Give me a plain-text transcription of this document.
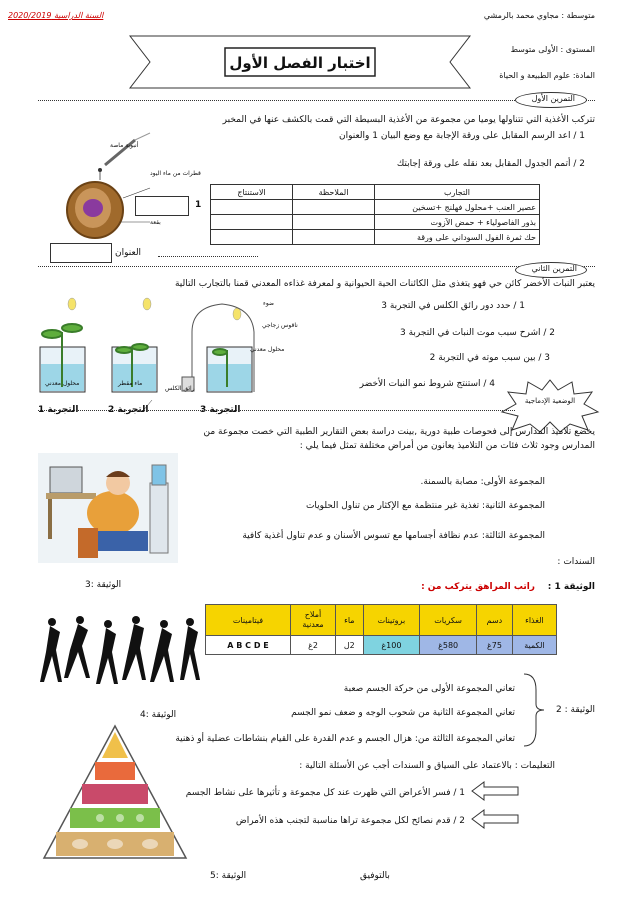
متوسطة : مجاوي محمد بالرمشي
السنة الدراسية 2020/2019
المستوى : الأولى متوسط
المادة: علوم الطبيعة و الحياة
اختبار الفصل الأول
التمرين الأول
تتركب الأغذية التي تتناولها يوميا من مجموعة من الأغذية البسيطة التي قمت بالكشف عنها في المخبر
1 / اعد الرسم المقابل على ورقة الإجابة مع وضع البيان 1 والعنوان
2 / أتمم الجدول المقابل بعد نقله على ورقة إجابتك
أنبوبة ماصة
قطرات من ماء اليود
بقعة
1
العنوان
الاستنتاج	الملاحظة	التجارب
		عصير العنب +محلول فهلنج +تسخين
		بذور الفاصولياء + حمض الآزوت
		حك ثمرة الفول السوداني على ورقة
التمرين الثاني
يعتبر النبات الأخضر كائن حي فهو يتغذى مثل الكائنات الحية الحيوانية و لمعرفة غذاءه المعدني قمنا بالتجارب التالية
ضوء
ناقوس زجاجي
محلول معدني
رائق الكلس
ماء مقطر
محلول معدني
التجربة 1	التجربة 2	التجربة 3
1 / حدد دور رائق الكلس في التجربة 3
2 / اشرح سبب موت النبات في التجربة 3
3 / بين سبب موته في التجربة 2
4 / استنتج شروط نمو النبات الأخضر
الوضعية الإدماجية
يخضع تلاميذ المدارس إلى فحوصات طبية دورية ,بينت دراسة بعض التقارير الطبية التي خصت مجموعة من
المدارس وجود ثلاث فئات من التلاميذ يعانون من أمراض مختلفة تمثل فيما يلي :
المجموعة الأولى: مصابة بالسمنة.
المجموعة الثانية: تغذية غير منتظمة مع الإكثار من تناول الحلويات
المجموعة الثالثة: عدم نظافة أجسامها مع تسوس الأسنان و عدم تناول أغذية كافية
السندات :
الوثيقة :3	الوثيقة 1 :
راتب المراهق يتركب من :
فيتامينات	أملاح معدنية	ماء	بروتينات	سكريات	دسم	الغذاء
A B C D E	2غ	2ل	100غ	580غ	75غ	الكمية
الوثيقة : 2
تعاني المجموعة الأولى من حركة الجسم صعبة
تعاني المجموعة الثانية من شحوب الوجه و ضعف نمو الجسم
تعاني المجموعة الثالثة من: هزال الجسم و عدم القدرة على القيام بنشاطات عضلية أو ذهنية
الوثيقة :4
التعليمات : بالاعتماد على السياق و السندات أجب عن الأسئلة التالية :
1 / فسر الأعراض التي ظهرت عند كل مجموعة و تأثيرها على نشاط الجسم
2 / قدم نصائح لكل مجموعة تراها مناسبة لتجنب هذه الأمراض
الوثيقة :5	بالتوفيق
